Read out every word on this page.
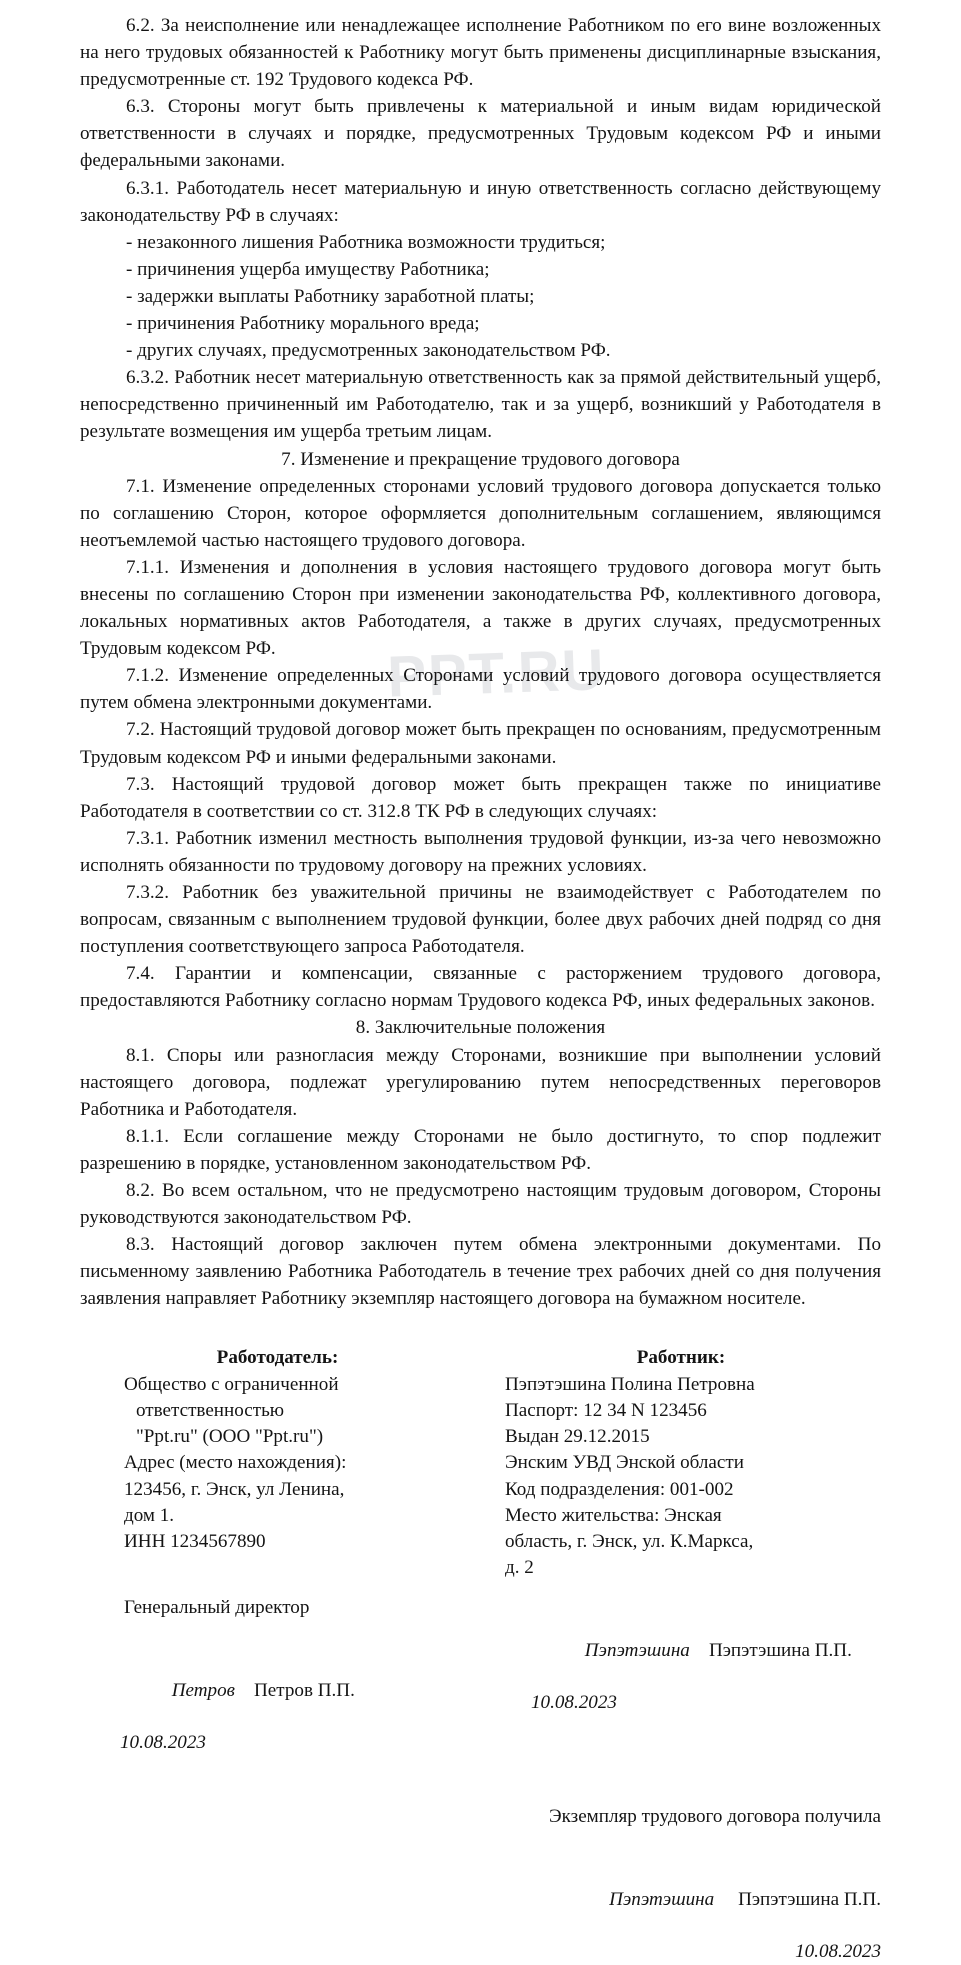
PPT.RU

6.2. За неисполнение или ненадлежащее исполнение Работником по его вине возложенных на него трудовых обязанностей к Работнику могут быть применены дисциплинарные взыскания, предусмотренные ст. 192 Трудового кодекса РФ.

6.3. Стороны могут быть привлечены к материальной и иным видам юридической ответственности в случаях и порядке, предусмотренных Трудовым кодексом РФ и иными федеральными законами.

6.3.1. Работодатель несет материальную и иную ответственность согласно действующему законодательству РФ в случаях:

- незаконного лишения Работника возможности трудиться;

- причинения ущерба имуществу Работника;

- задержки выплаты Работнику заработной платы;

- причинения Работнику морального вреда;

- других случаях, предусмотренных законодательством РФ.

6.3.2. Работник несет материальную ответственность как за прямой действительный ущерб, непосредственно причиненный им Работодателю, так и за ущерб, возникший у Работодателя в результате возмещения им ущерба третьим лицам.

7. Изменение и прекращение трудового договора

7.1. Изменение определенных сторонами условий трудового договора допускается только по соглашению Сторон, которое оформляется дополнительным соглашением, являющимся неотъемлемой частью настоящего трудового договора.

7.1.1. Изменения и дополнения в условия настоящего трудового договора могут быть внесены по соглашению Сторон при изменении законодательства РФ, коллективного договора, локальных нормативных актов Работодателя, а также в других случаях, предусмотренных Трудовым кодексом РФ.

7.1.2. Изменение определенных Сторонами условий трудового договора осуществляется путем обмена электронными документами.

7.2. Настоящий трудовой договор может быть прекращен по основаниям, предусмотренным Трудовым кодексом РФ и иными федеральными законами.

7.3. Настоящий трудовой договор может быть прекращен также по инициативе Работодателя в соответствии со ст. 312.8 ТК РФ в следующих случаях:

7.3.1. Работник изменил местность выполнения трудовой функции, из-за чего невозможно исполнять обязанности по трудовому договору на прежних условиях.

7.3.2. Работник без уважительной причины не взаимодействует с Работодателем по вопросам, связанным с выполнением трудовой функции, более двух рабочих дней подряд со дня поступления соответствующего запроса Работодателя.

7.4. Гарантии и компенсации, связанные с расторжением трудового договора, предоставляются Работнику согласно нормам Трудового кодекса РФ, иных федеральных законов.

8. Заключительные положения

8.1. Споры или разногласия между Сторонами, возникшие при выполнении условий настоящего договора, подлежат урегулированию путем непосредственных переговоров Работника и Работодателя.

8.1.1. Если соглашение между Сторонами не было достигнуто, то спор подлежит разрешению в порядке, установленном законодательством РФ.

8.2. Во всем остальном, что не предусмотрено настоящим трудовым договором, Стороны руководствуются законодательством РФ.

8.3. Настоящий договор заключен путем обмена электронными документами. По письменному заявлению Работника Работодатель в течение трех рабочих дней со дня получения заявления направляет Работнику экземпляр настоящего договора на бумажном носителе.

Работодатель:
Общество с ограниченной
ответственностью
"Ppt.ru" (ООО "Ppt.ru")
Адрес (место нахождения):
123456, г. Энск, ул Ленина,
дом 1.
ИНН 1234567890
Генеральный директор

Петров Петров П.П.

10.08.2023
Работник:
Пэпэтэшина Полина Петровна
Паспорт: 12 34 N 123456
Выдан 29.12.2015
Энским УВД Энской области
Код подразделения: 001-002
Место жительства: Энская
область, г. Энск, ул. К.Маркса,
д. 2

Пэпэтэшина Пэпэтэшина П.П.

10.08.2023
Экземпляр трудового договора получила

Пэпэтэшина Пэпэтэшина П.П.

10.08.2023
